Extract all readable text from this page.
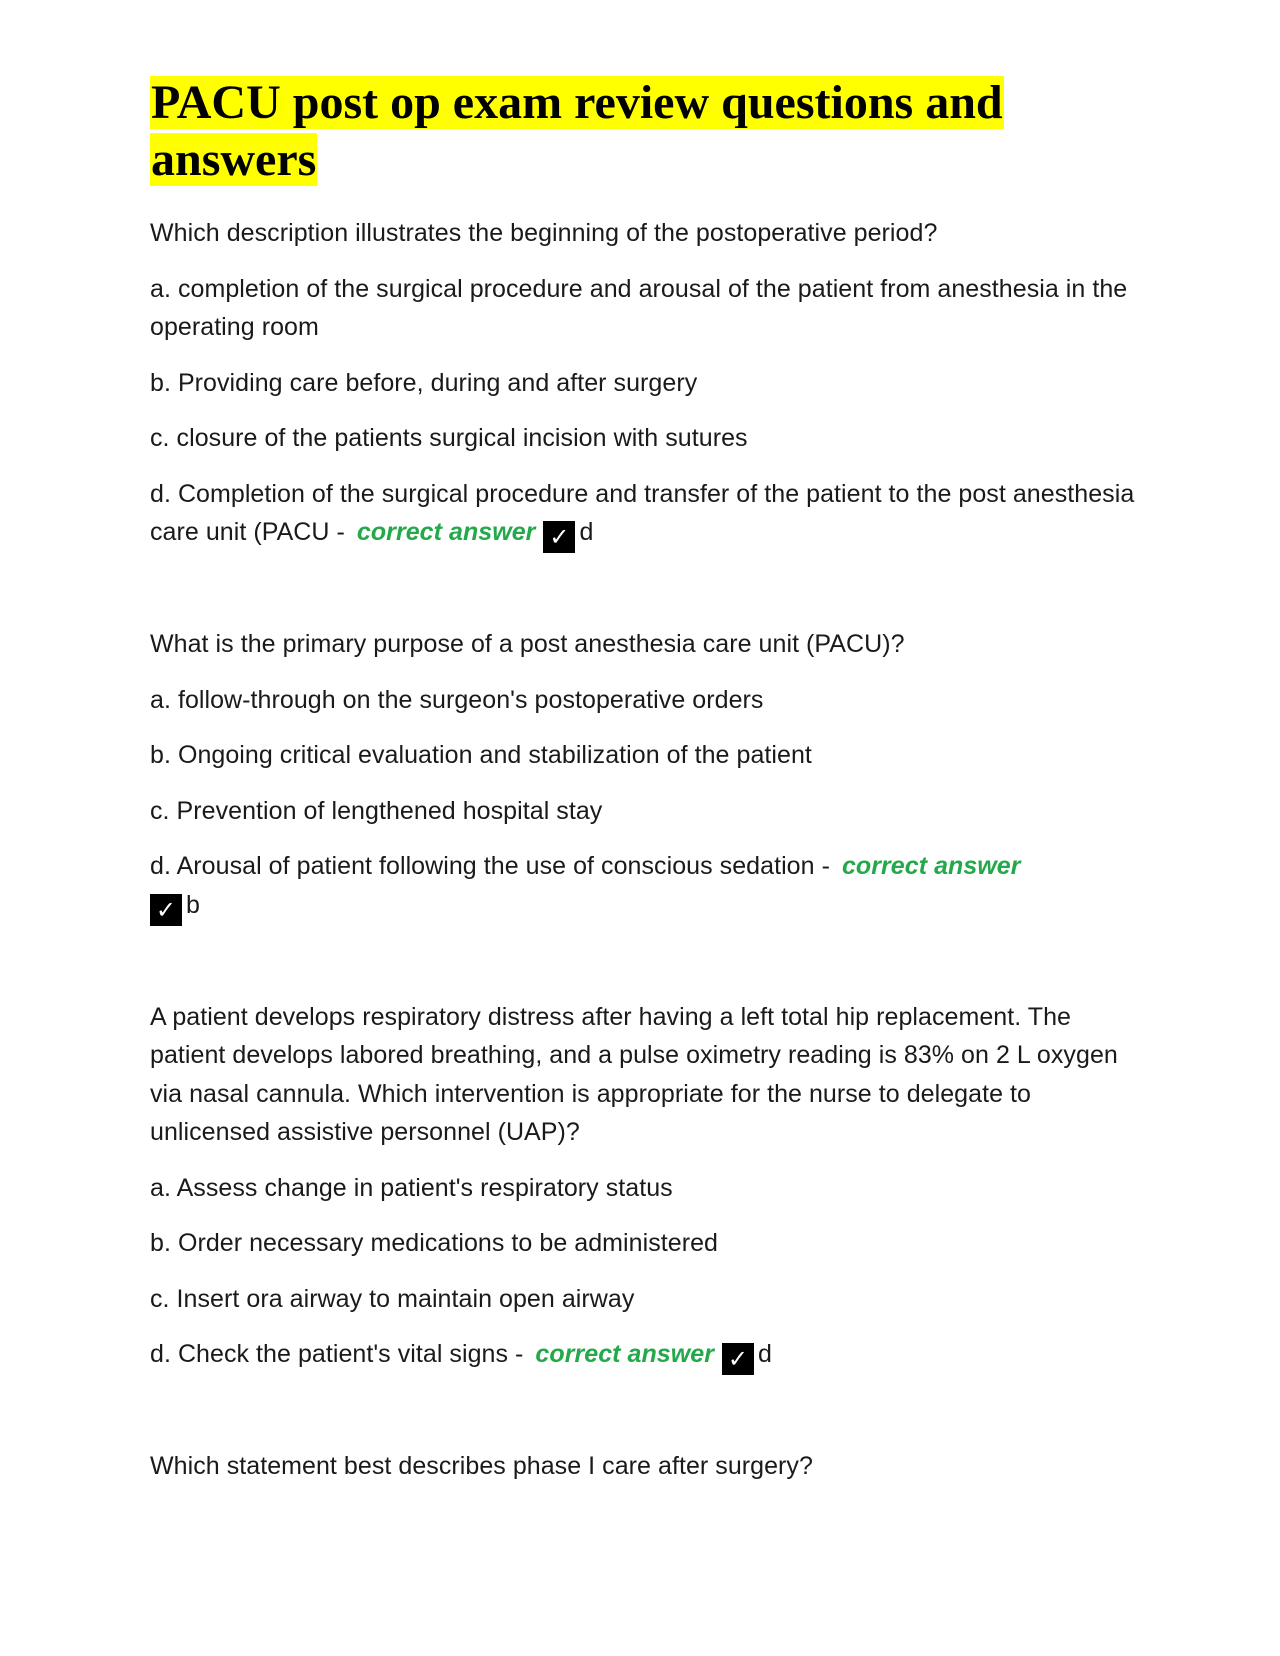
PACU post op exam review questions and answers

Which description illustrates the beginning of the postoperative period?

a. completion of the surgical procedure and arousal of the patient from anesthesia in the operating room

b. Providing care before, during and after surgery

c. closure of the patients surgical incision with sutures

d. Completion of the surgical procedure and transfer of the patient to the post anesthesia care unit (PACU - correct answer ✓ d

What is the primary purpose of a post anesthesia care unit (PACU)?

a. follow-through on the surgeon's postoperative orders

b. Ongoing critical evaluation and stabilization of the patient

c. Prevention of lengthened hospital stay

d. Arousal of patient following the use of conscious sedation - correct answer
✓ b

A patient develops respiratory distress after having a left total hip replacement. The patient develops labored breathing, and a pulse oximetry reading is 83% on 2 L oxygen via nasal cannula. Which intervention is appropriate for the nurse to delegate to unlicensed assistive personnel (UAP)?

a. Assess change in patient's respiratory status

b. Order necessary medications to be administered

c. Insert ora airway to maintain open airway

d. Check the patient's vital signs - correct answer ✓ d

Which statement best describes phase I care after surgery?
